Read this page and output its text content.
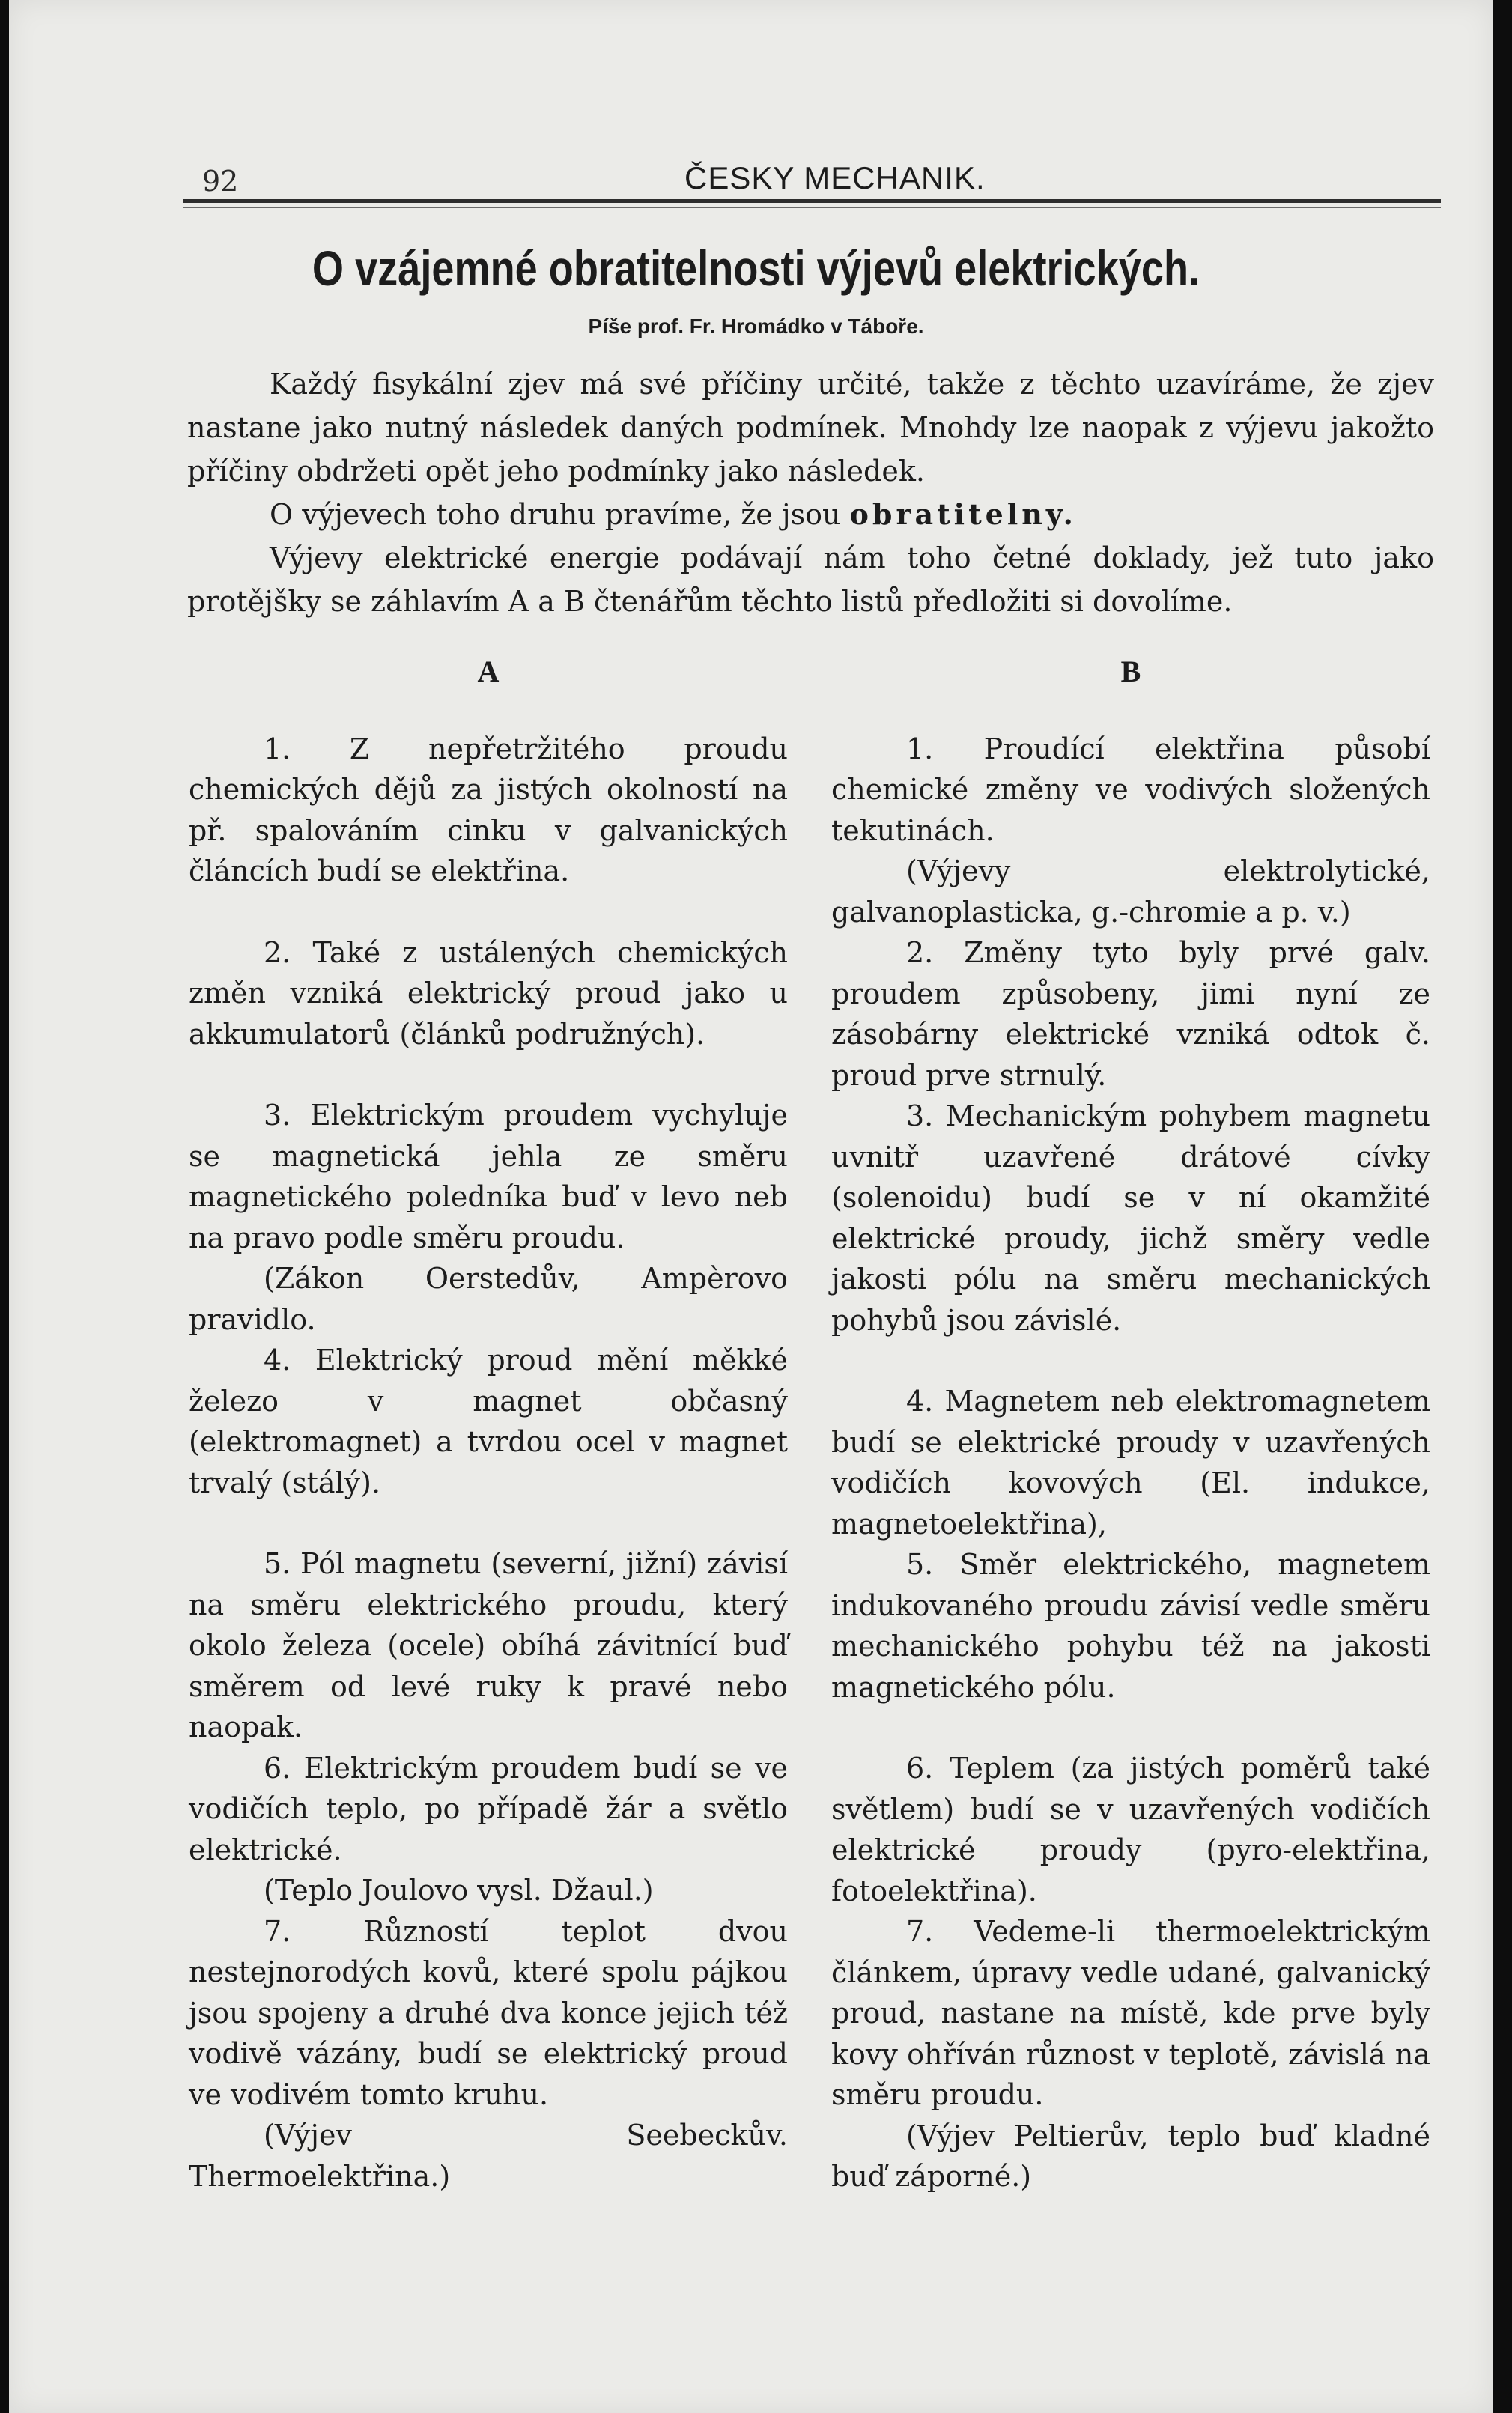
92	ČESKY MECHANIK.
O vzájemné obratitelnosti výjevů elektrických.
Píše prof. Fr. Hromádko v Táboře.

Každý fisykální zjev má své příčiny určité, takže z těchto uzavíráme, že zjev nastane jako nutný následek daných podmínek. Mnohdy lze naopak z výjevu jakožto příčiny obdržeti opět jeho podmínky jako následek.

O výjevech toho druhu pravíme, že jsou obratitelny.

Výjevy elektrické energie podávají nám toho četné doklady, jež tuto jako protějšky se záhlavím A a B čtenářům těchto listů předložiti si dovolíme.

A

1. Z nepřetržitého proudu chemických dějů za jistých okolností na př. spalováním cinku v galvanických článcích budí se elektřina.

2. Také z ustálených chemických změn vzniká elektrický proud jako u akkumulatorů (článků podružných).

3. Elektrickým proudem vychyluje se magnetická jehla ze směru magnetického poledníka buď v levo neb na pravo podle směru proudu.

(Zákon Oerstedův, Ampèrovo pravidlo.

4. Elektrický proud mění měkké železo v magnet občasný (elektromagnet) a tvrdou ocel v magnet trvalý (stálý).

5. Pól magnetu (severní, jižní) závisí na směru elektrického proudu, který okolo železa (ocele) obíhá závitnící buď směrem od levé ruky k pravé nebo naopak.

6. Elektrickým proudem budí se ve vodičích teplo, po případě žár a světlo elektrické.

(Teplo Joulovo vysl. Džaul.)

7. Růzností teplot dvou nestejnorodých kovů, které spolu pájkou jsou spojeny a druhé dva konce jejich též vodivě vázány, budí se elektrický proud ve vodivém tomto kruhu.

(Výjev Seebeckův. Thermoelektřina.)

B

1. Proudící elektřina působí chemické změny ve vodivých složených tekutinách.

(Výjevy elektrolytické, galvanoplasticka, g.-chromie a p. v.)

2. Změny tyto byly prvé galv. proudem způsobeny, jimi nyní ze zásobárny elektrické vzniká odtok č. proud prve strnulý.

3. Mechanickým pohybem magnetu uvnitř uzavřené drátové cívky (solenoidu) budí se v ní okamžité elektrické proudy, jichž směry vedle jakosti pólu na směru mechanických pohybů jsou závislé.

4. Magnetem neb elektromagnetem budí se elektrické proudy v uzavřených vodičích kovových (El. indukce, magnetoelektřina),

5. Směr elektrického, magnetem indukovaného proudu závisí vedle směru mechanického pohybu též na jakosti magnetického pólu.

6. Teplem (za jistých poměrů také světlem) budí se v uzavřených vodičích elektrické proudy (pyro-elektřina, fotoelektřina).

7. Vedeme-li thermoelektrickým článkem, úpravy vedle udané, galvanický proud, nastane na místě, kde prve byly kovy ohříván různost v teplotě, závislá na směru proudu.

(Výjev Peltierův, teplo buď kladné buď záporné.)
